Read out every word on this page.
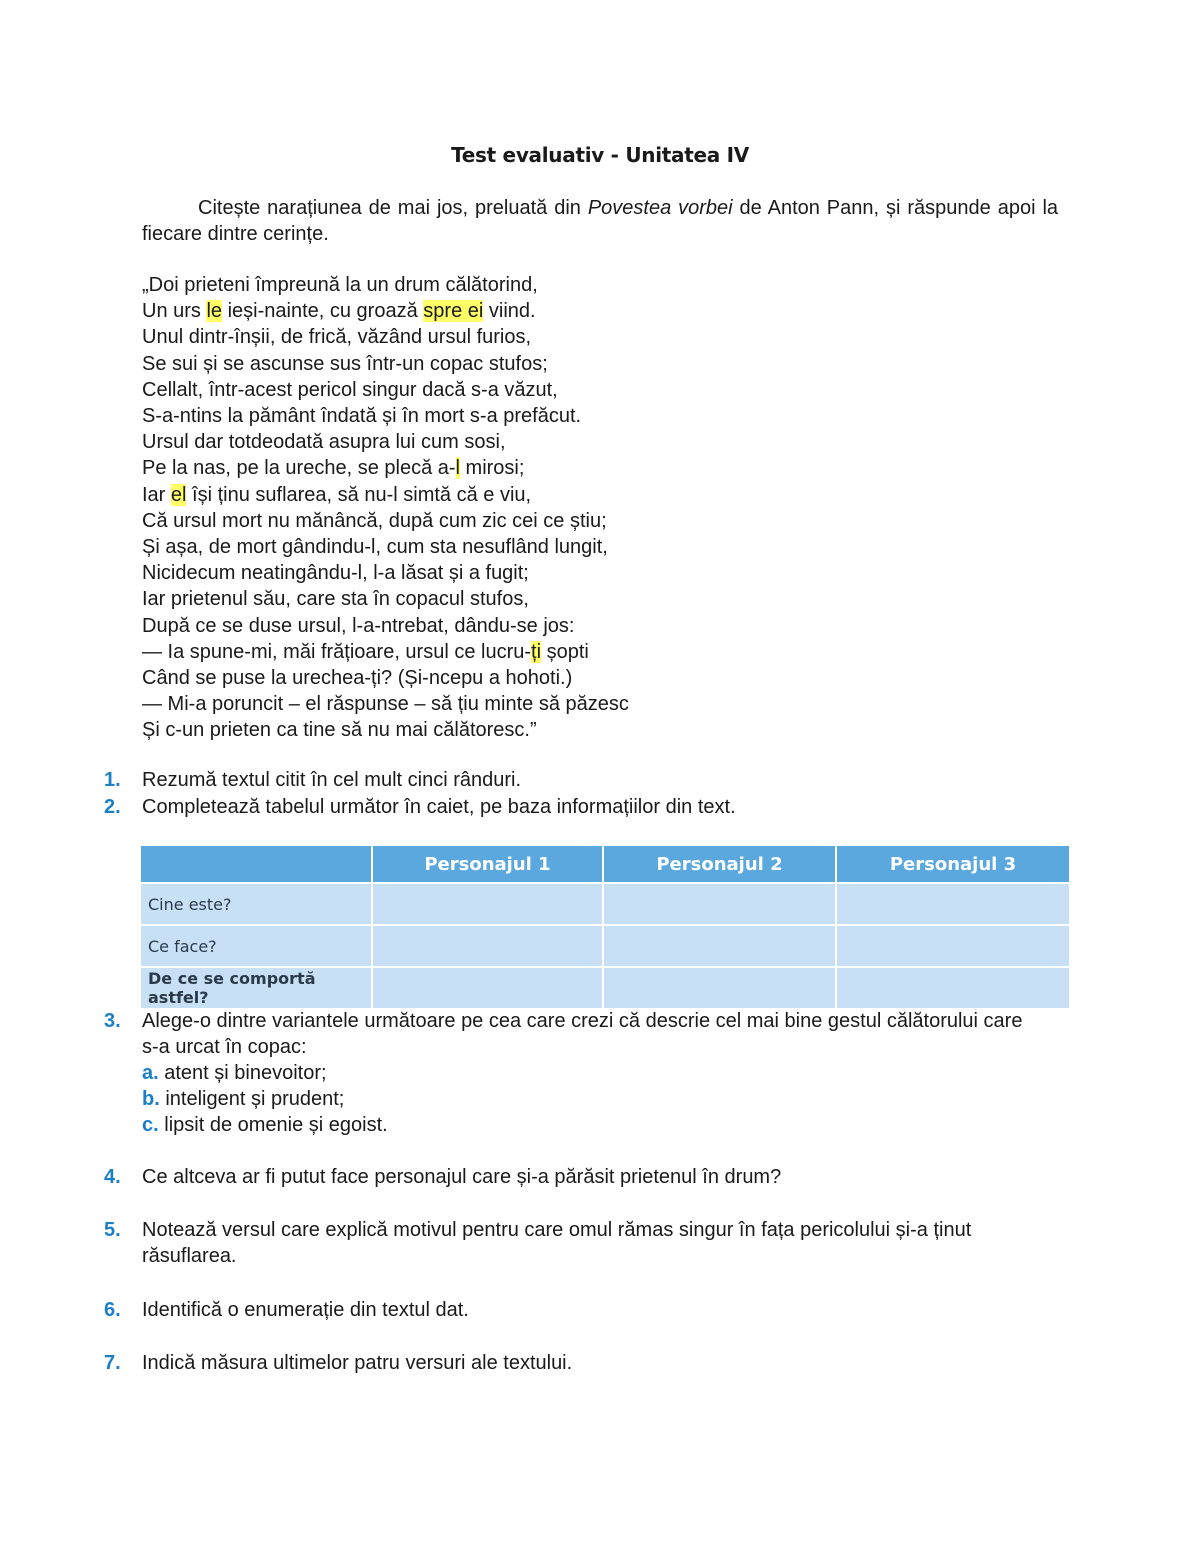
Test evaluativ - Unitatea IV

Citește narațiunea de mai jos, preluată din Povestea vorbei de Anton Pann, și răspunde apoi la fiecare dintre cerințe.

„Doi prieteni împreună la un drum călătorind,
Un urs le ieși-nainte, cu groază spre ei viind.
Unul dintr-înșii, de frică, văzând ursul furios,
Se sui și se ascunse sus într-un copac stufos;
Cellalt, într-acest pericol singur dacă s-a văzut,
S-a-ntins la pământ îndată și în mort s-a prefăcut.
Ursul dar totdeodată asupra lui cum sosi,
Pe la nas, pe la ureche, se plecă a-l mirosi;
Iar el își ținu suflarea, să nu-l simtă că e viu,
Că ursul mort nu mănâncă, după cum zic cei ce știu;
Și așa, de mort gândindu-l, cum sta nesuflând lungit,
Nicidecum neatingându-l, l-a lăsat și a fugit;
Iar prietenul său, care sta în copacul stufos,
După ce se duse ursul, l-a-ntrebat, dându-se jos:
— Ia spune-mi, măi frățioare, ursul ce lucru-ți șopti
Când se puse la urechea-ți? (Și-ncepu a hohoti.)
— Mi-a poruncit – el răspunse – să țiu minte să păzesc
Și c-un prieten ca tine să nu mai călătoresc.”
1. Rezumă textul citit în cel mult cinci rânduri.
2. Completează tabelul următor în caiet, pe baza informațiilor din text.
	Personajul 1	Personajul 2	Personajul 3
Cine este?			
Ce face?			
De ce se comportă astfel?			
3. Alege-o dintre variantele următoare pe cea care crezi că descrie cel mai bine gestul călătorului care s-a urcat în copac:
a. atent și binevoitor;
b. inteligent și prudent;
c. lipsit de omenie și egoist.
4. Ce altceva ar fi putut face personajul care și-a părăsit prietenul în drum?
5. Notează versul care explică motivul pentru care omul rămas singur în fața pericolului și-a ținut răsuflarea.
6. Identifică o enumerație din textul dat.
7. Indică măsura ultimelor patru versuri ale textului.
